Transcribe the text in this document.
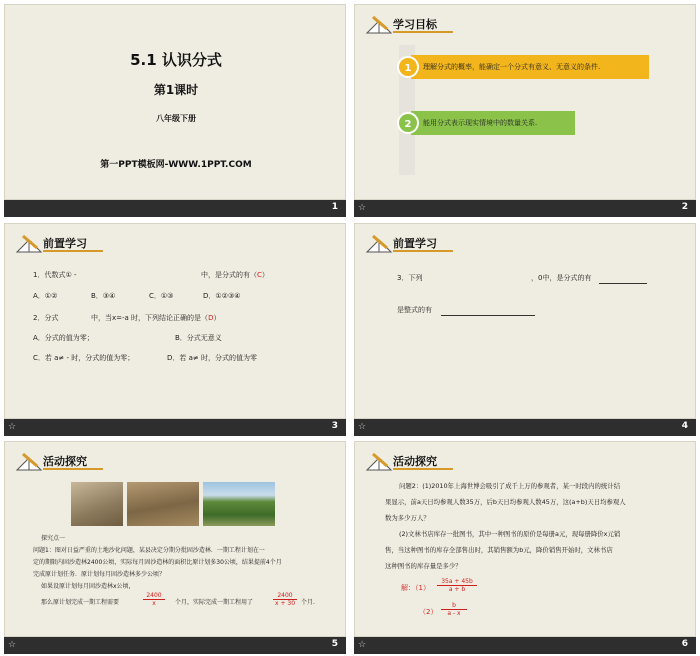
5.1 认识分式
第1课时
八年级下册
第一PPT模板网-WWW.1PPT.COM
1
学习目标
理解分式的概率，能确定一个分式有意义、无意义的条件.
1
能用分式表示现实情境中的数量关系.
2
☆	2
前置学习
1．代数式① -	中，是分式的有（C）
A．①②	B．③④	C．①③	D．①②③④
2．分式	中，当x=-a 时，下列结论正确的是（D）
A．分式的值为零；	B．分式无意义
C．若 a≠ - 时，分式的值为零；	D．若 a≠ 时，分式的值为零
☆	3
前置学习
3．下列	，0中，是分式的有
是整式的有
☆	4
活动探究
探究点一
问题1：图对日益严重的土地沙化问题，某县决定分期分批固沙造林．一期工程计划在一
定的期限内固沙造林2400公顷，实际每月固沙造林的面积比原计划多30公顷，结果提前4个月
完成原计划任务．原计划每月固沙造林多少公顷？
如果设原计划每月固沙造林x公顷，
那么原计划完成一期工程需要	$\frac{2400}{x}$ 个月，实际完成一期工程用了	$\frac{2400}{x + 30}$ 个月.
☆	5
活动探究
问题2：(1)2010年上海世博会吸引了成千上万的参观者，某一时段内的统计结
果显示，前a天日均参观人数35万，后b天日均参观人数45万，这(a+b)天日均参观人
数为多少万人？
(2)文林书店库存一批图书，其中一种图书的原价是每册a元，现每册降价x元销
售，当这种图书的库存全部售出时，其销售额为b元，降价销售开始时，文林书店
这种图书的库存量是多少？
解：$(1) \frac{35a + 45b}{a + b}$
$(2) \frac{b}{a - x}$
☆	6
